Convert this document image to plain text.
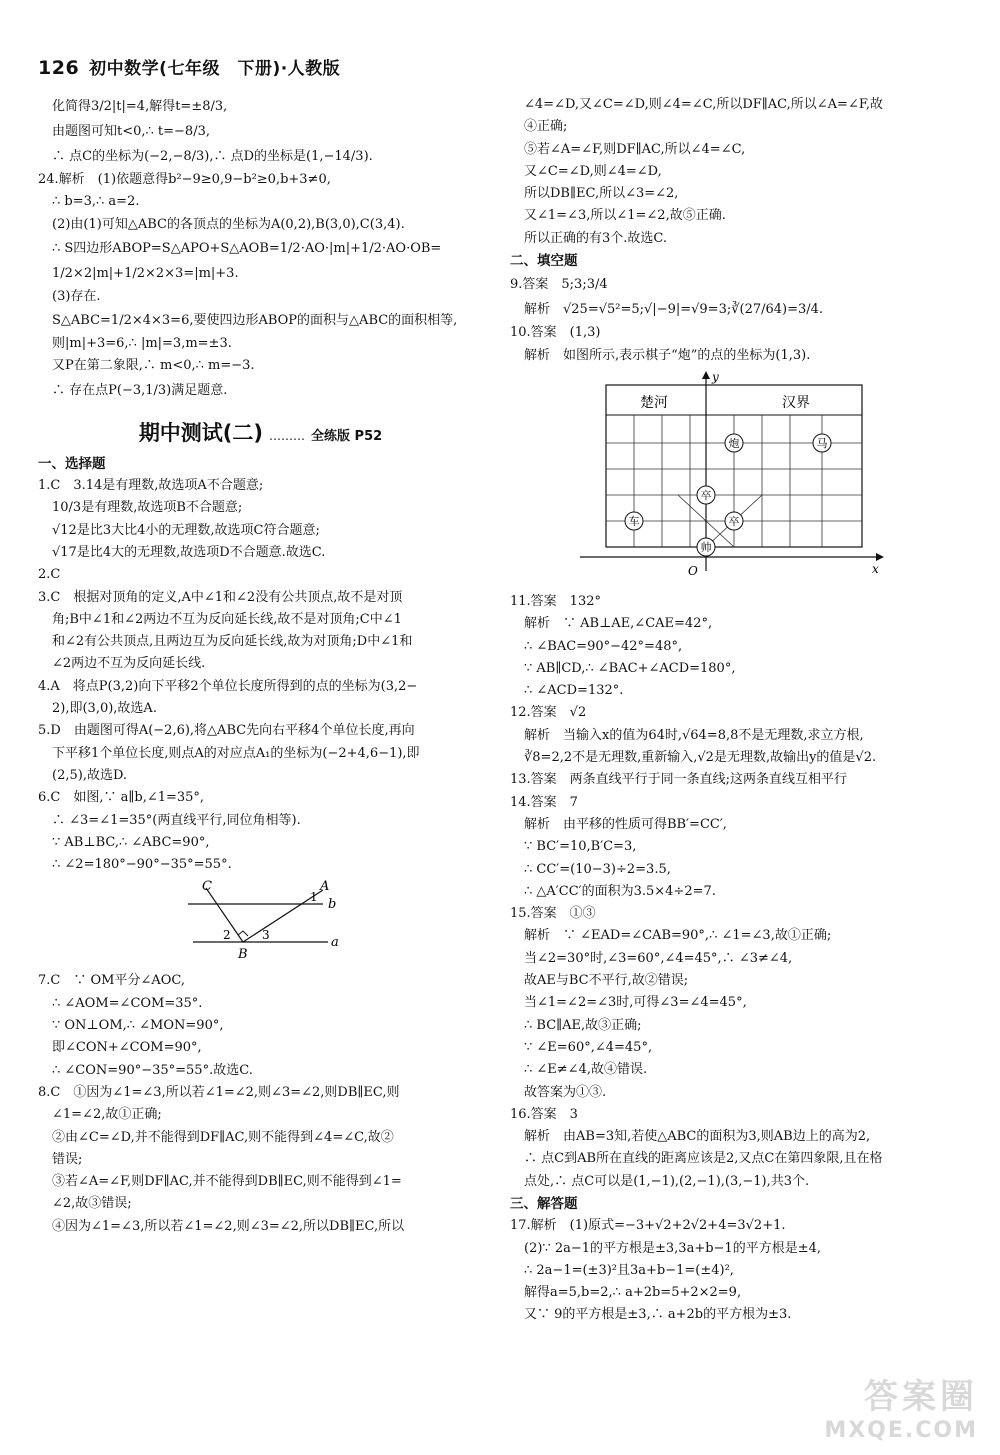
126 初中数学(七年级　下册)·人教版
化简得3/2|t|=4,解得t=±8/3,
由题图可知t<0,∴ t=−8/3,
∴ 点C的坐标为(−2,−8/3),∴ 点D的坐标是(1,−14/3).
24.解析　(1)依题意得b²−9≥0,9−b²≥0,b+3≠0,
∴ b=3,∴ a=2.
(2)由(1)可知△ABC的各顶点的坐标为A(0,2),B(3,0),C(3,4).
∴ S四边形ABOP=S△APO+S△AOB=1/2·AO·|m|+1/2·AO·OB=
1/2×2|m|+1/2×2×3=|m|+3.
(3)存在.
S△ABC=1/2×4×3=6,要使四边形ABOP的面积与△ABC的面积相等,
则|m|+3=6,∴ |m|=3,m=±3.
又P在第二象限,∴ m<0,∴ m=−3.
∴ 存在点P(−3,1/3)满足题意.
期中测试(二) ……… 全练版 P52
一、选择题
1.C　3.14是有理数,故选项A不合题意;
10/3是有理数,故选项B不合题意;
√12是比3大比4小的无理数,故选项C符合题意;
√17是比4大的无理数,故选项D不合题意.故选C.
2.C
3.C　根据对顶角的定义,A中∠1和∠2没有公共顶点,故不是对顶
角;B中∠1和∠2两边不互为反向延长线,故不是对顶角;C中∠1
和∠2有公共顶点,且两边互为反向延长线,故为对顶角;D中∠1和
∠2两边不互为反向延长线.
4.A　将点P(3,2)向下平移2个单位长度所得到的点的坐标为(3,2−
2),即(3,0),故选A.
5.D　由题图可得A(−2,6),将△ABC先向右平移4个单位长度,再向
下平移1个单位长度,则点A的对应点A₁的坐标为(−2+4,6−1),即
(2,5),故选D.
6.C　如图,∵ a∥b,∠1=35°,
∴ ∠3=∠1=35°(两直线平行,同位角相等).
∵ AB⊥BC,∴ ∠ABC=90°,
∴ ∠2=180°−90°−35°=55°.
C	A
B
a
b
1
2	3
7.C　∵ OM平分∠AOC,
∴ ∠AOM=∠COM=35°.
∵ ON⊥OM,∴ ∠MON=90°,
即∠CON+∠COM=90°,
∴ ∠CON=90°−35°=55°.故选C.
8.C　①因为∠1=∠3,所以若∠1=∠2,则∠3=∠2,则DB∥EC,则
∠1=∠2,故①正确;
②由∠C=∠D,并不能得到DF∥AC,则不能得到∠4=∠C,故②
错误;
③若∠A=∠F,则DF∥AC,并不能得到DB∥EC,则不能得到∠1=
∠2,故③错误;
④因为∠1=∠3,所以若∠1=∠2,则∠3=∠2,所以DB∥EC,所以
∠4=∠D,又∠C=∠D,则∠4=∠C,所以DF∥AC,所以∠A=∠F,故
④正确;
⑤若∠A=∠F,则DF∥AC,所以∠4=∠C,
又∠C=∠D,则∠4=∠D,
所以DB∥EC,所以∠3=∠2,
又∠1=∠3,所以∠1=∠2,故⑤正确.
所以正确的有3个.故选C.
二、填空题
9.答案　5;3;3/4
解析　√25=√5²=5;√|−9|=√9=3;∛(27/64)=3/4.
10.答案　(1,3)
解析　如图所示,表示棋子“炮”的点的坐标为(1,3).
y
x
O
楚河	汉界
炮	马
卒
卒
车
帅
11.答案　132°
解析　∵ AB⊥AE,∠CAE=42°,
∴ ∠BAC=90°−42°=48°,
∵ AB∥CD,∴ ∠BAC+∠ACD=180°,
∴ ∠ACD=132°.
12.答案　√2
解析　当输入x的值为64时,√64=8,8不是无理数,求立方根,
∛8=2,2不是无理数,重新输入,√2是无理数,故输出y的值是√2.
13.答案　两条直线平行于同一条直线;这两条直线互相平行
14.答案　7
解析　由平移的性质可得BB′=CC′,
∵ BC′=10,B′C=3,
∴ CC′=(10−3)÷2=3.5,
∴ △A′CC′的面积为3.5×4÷2=7.
15.答案　①③
解析　∵ ∠EAD=∠CAB=90°,∴ ∠1=∠3,故①正确;
当∠2=30°时,∠3=60°,∠4=45°,∴ ∠3≠∠4,
故AE与BC不平行,故②错误;
当∠1=∠2=∠3时,可得∠3=∠4=45°,
∴ BC∥AE,故③正确;
∵ ∠E=60°,∠4=45°,
∴ ∠E≠∠4,故④错误.
故答案为①③.
16.答案　3
解析　由AB=3知,若使△ABC的面积为3,则AB边上的高为2,
∴ 点C到AB所在直线的距离应该是2,又点C在第四象限,且在格
点处,∴ 点C可以是(1,−1),(2,−1),(3,−1),共3个.
三、解答题
17.解析　(1)原式=−3+√2+2√2+4=3√2+1.
(2)∵ 2a−1的平方根是±3,3a+b−1的平方根是±4,
∴ 2a−1=(±3)²且3a+b−1=(±4)²,
解得a=5,b=2,∴ a+2b=5+2×2=9,
又∵ 9的平方根是±3,∴ a+2b的平方根为±3.
答案圈
MXQE.COM
